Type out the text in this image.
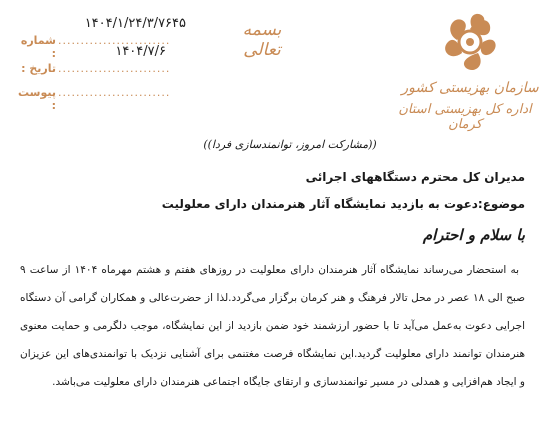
۱۴۰۴/۱/۲۴/۳/۷۶۴۵
شماره :
.........................
۱۴۰۴/۷/۶
تاریخ :	.........................
پیوست :
.........................
بسمه تعالی
سازمان بهزیستی کشور
اداره کل بهزیستی استان کرمان
((مشارکت امروز، توانمندسازی فردا))
مدیران کل محترم دستگاههای اجرائی
موضوع:دعوت به بازدید نمایشگاه آثار هنرمندان دارای معلولیت
با سلام و احترام
به استحضار می‌رساند نمایشگاه آثار هنرمندان دارای معلولیت در روزهای هفتم و هشتم مهرماه ۱۴۰۴ از ساعت ۹ صبح الی ۱۸ عصر در محل تالار فرهنگ و هنر کرمان برگزار می‌گردد.لذا از حضرت‌عالی و همکاران گرامی آن دستگاه اجرایی دعوت به‌عمل می‌آید تا با حضور ارزشمند خود ضمن بازدید از این نمایشگاه، موجب دلگرمی و حمایت معنوی هنرمندان توانمند دارای معلولیت گردید.این نمایشگاه فرصت مغتنمی برای آشنایی نزدیک با توانمندی‌های این عزیزان و ایجاد هم‌افزایی و همدلی در مسیر توانمندسازی و ارتقای جایگاه اجتماعی هنرمندان دارای معلولیت می‌باشد.
